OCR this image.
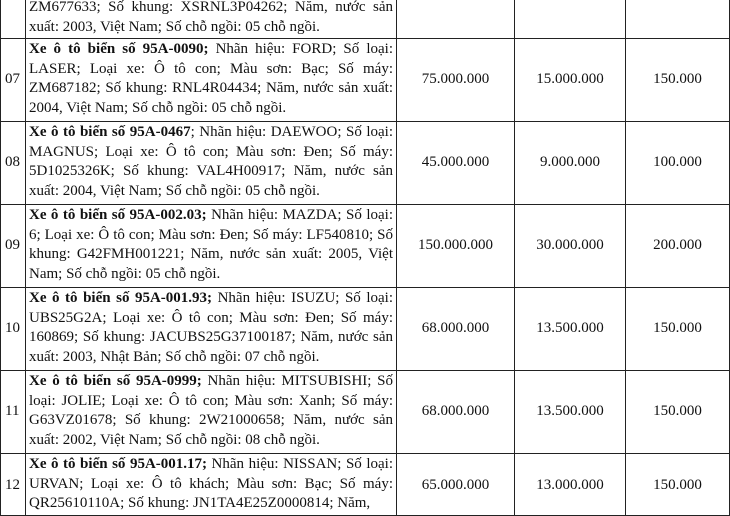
	ZM677633; Số khung: XSRNL3P04262; Năm, nước sản xuất: 2003, Việt Nam; Số chỗ ngồi: 05 chỗ ngồi.			
07	Xe ô tô biển số 95A-0090; Nhãn hiệu: FORD; Số loại: LASER; Loại xe: Ô tô con; Màu sơn: Bạc; Số máy: ZM687182; Số khung: RNL4R04434; Năm, nước sản xuất: 2004, Việt Nam; Số chỗ ngồi: 05 chỗ ngồi.	75.000.000	15.000.000	150.000
08	Xe ô tô biển số 95A-0467; Nhãn hiệu: DAEWOO; Số loại: MAGNUS; Loại xe: Ô tô con; Màu sơn: Đen; Số máy: 5D1025326K; Số khung: VAL4H00917; Năm, nước sản xuất: 2004, Việt Nam; Số chỗ ngồi: 05 chỗ ngồi.	45.000.000	9.000.000	100.000
09	Xe ô tô biển số 95A-002.03; Nhãn hiệu: MAZDA; Số loại: 6; Loại xe: Ô tô con; Màu sơn: Đen; Số máy: LF540810; Số khung: G42FMH001221; Năm, nước sản xuất: 2005, Việt Nam; Số chỗ ngồi: 05 chỗ ngồi.	150.000.000	30.000.000	200.000
10	Xe ô tô biển số 95A-001.93; Nhãn hiệu: ISUZU; Số loại: UBS25G2A; Loại xe: Ô tô con; Màu sơn: Đen; Số máy: 160869; Số khung: JACUBS25G37100187; Năm, nước sản xuất: 2003, Nhật Bản; Số chỗ ngồi: 07 chỗ ngồi.	68.000.000	13.500.000	150.000
11	Xe ô tô biển số 95A-0999; Nhãn hiệu: MITSUBISHI; Số loại: JOLIE; Loại xe: Ô tô con; Màu sơn: Xanh; Số máy: G63VZ01678; Số khung: 2W21000658; Năm, nước sản xuất: 2002, Việt Nam; Số chỗ ngồi: 08 chỗ ngồi.	68.000.000	13.500.000	150.000
12	Xe ô tô biển số 95A-001.17; Nhãn hiệu: NISSAN; Số loại: URVAN; Loại xe: Ô tô khách; Màu sơn: Bạc; Số máy: QR25610110A; Số khung: JN1TA4E25Z0000814; Năm,	65.000.000	13.000.000	150.000
